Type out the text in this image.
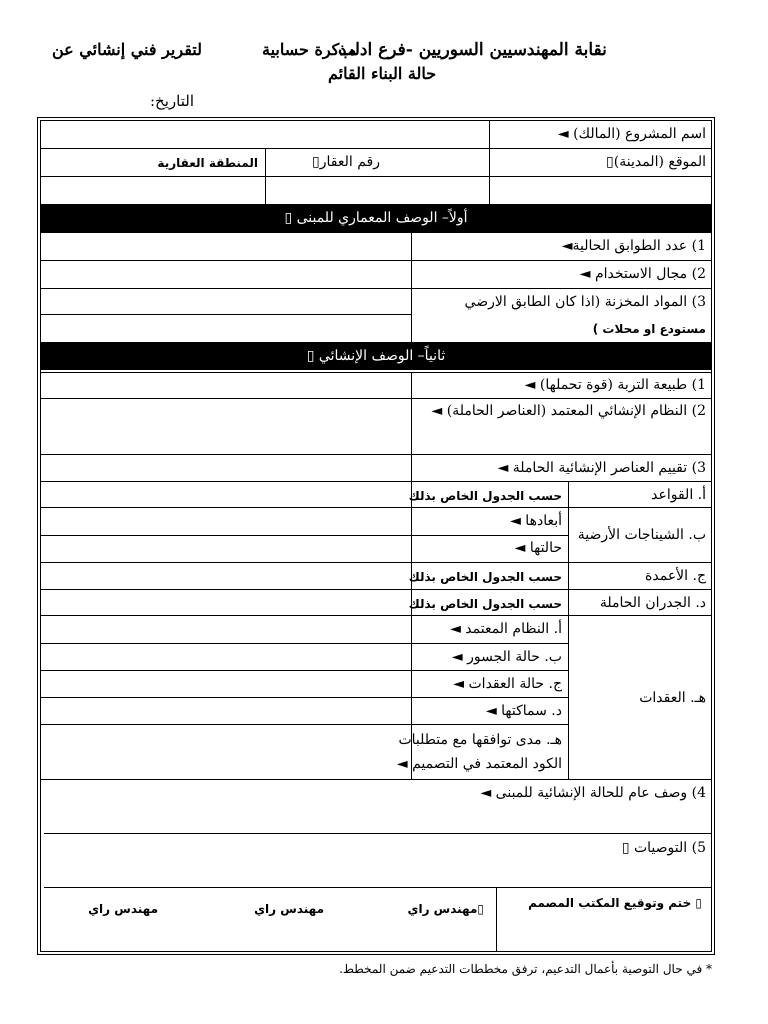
نقابة المهندسيين السوريين -فرع ادلب
مذكرة حسابية
لتقرير فني إنشائي عن
حالة البناء القائم
التاريخ:
أولاً– الوصف المعماري للمبنى ▯
ثانياً– الوصف الإنشائي ▯
اسم المشروع (المالك) ◄
الموقع (المدينة)▯
رقم العقار▯
المنطقة العقارية
1) عدد الطوابق الحالية◄
2) مجال الاستخدام ◄
3) المواد المخزنة (اذا كان الطابق الارضي
مستودع او محلات )
1) طبيعة التربة (قوة تحملها) ◄
2) النظام الإنشائي المعتمد (العناصر الحاملة) ◄
3) تقييم العناصر الإنشائية الحاملة ◄
أ. القواعد
حسب الجدول الخاص بذلك
ب. الشيناجات الأرضية
أبعادها ◄
حالتها ◄
ج. الأعمدة
حسب الجدول الخاص بذلك
د. الجدران الحاملة
حسب الجدول الخاص بذلك
هـ. العقدات
أ. النظام المعتمد ◄
ب. حالة الجسور ◄
ج. حالة العقدات ◄
د. سماكتها ◄
هـ. مدى توافقها مع متطلبات
الكود المعتمد في التصميم ◄
4) وصف عام للحالة الإنشائية للمبنى ◄
5) التوصيات ▯
▯ ختم وتوقيع المكتب المصمم
▯مهندس راي
مهندس راي
مهندس راي
* في حال التوصية بأعمال التدعيم، ترفق مخططات التدعيم ضمن المخطط.
